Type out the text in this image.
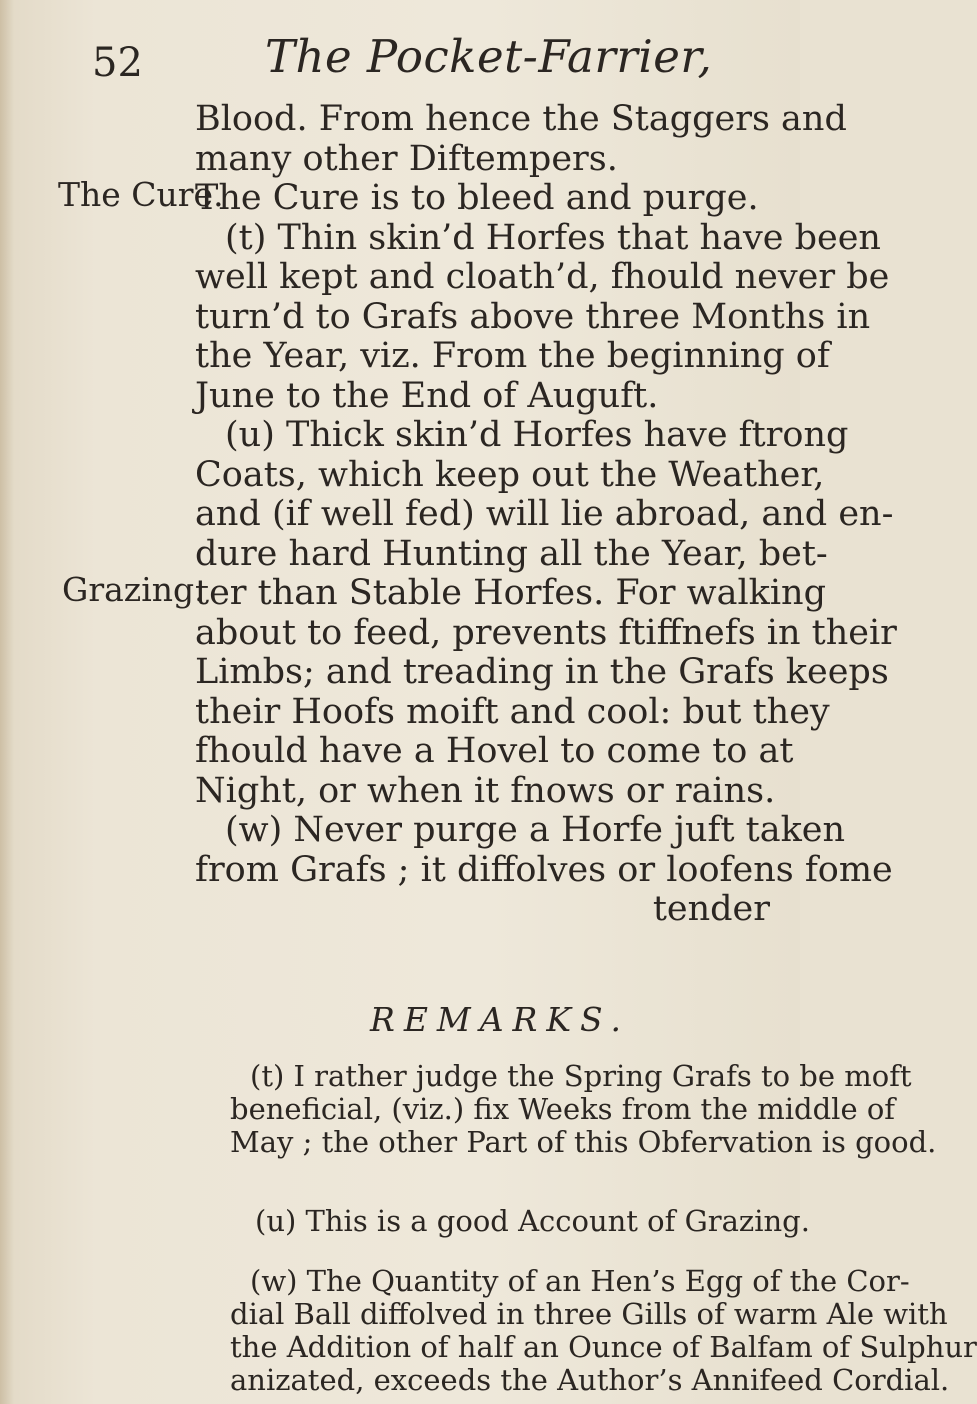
52	The Pocket-Farrier,
The Cure.
Grazing.
Blood. From hence the Staggers and
many other Diftempers.
The Cure is to bleed and purge.
(t) Thin skin’d Horfes that have been
well kept and cloath’d, fhould never be
turn’d to Grafs above three Months in
the Year, viz. From the beginning of
June to the End of Auguft.
(u) Thick skin’d Horfes have ftrong
Coats, which keep out the Weather,
and (if well fed) will lie abroad, and en-
dure hard Hunting all the Year, bet-
ter than Stable Horfes. For walking
about to feed, prevents ftiffnefs in their
Limbs; and treading in the Grafs keeps
their Hoofs moift and cool: but they
fhould have a Hovel to come to at
Night, or when it fnows or rains.
(w) Never purge a Horfe juft taken
from Grafs ; it diffolves or loofens fome
tender
REMARKS.
(t) I rather judge the Spring Grafs to be moft
beneficial, (viz.) fix Weeks from the middle of
May ; the other Part of this Obfervation is good.
(u) This is a good Account of Grazing.
(w) The Quantity of an Hen’s Egg of the Cor-
dial Ball diffolved in three Gills of warm Ale with
the Addition of half an Ounce of Balfam of Sulphur
anizated, exceeds the Author’s Annifeed Cordial.
